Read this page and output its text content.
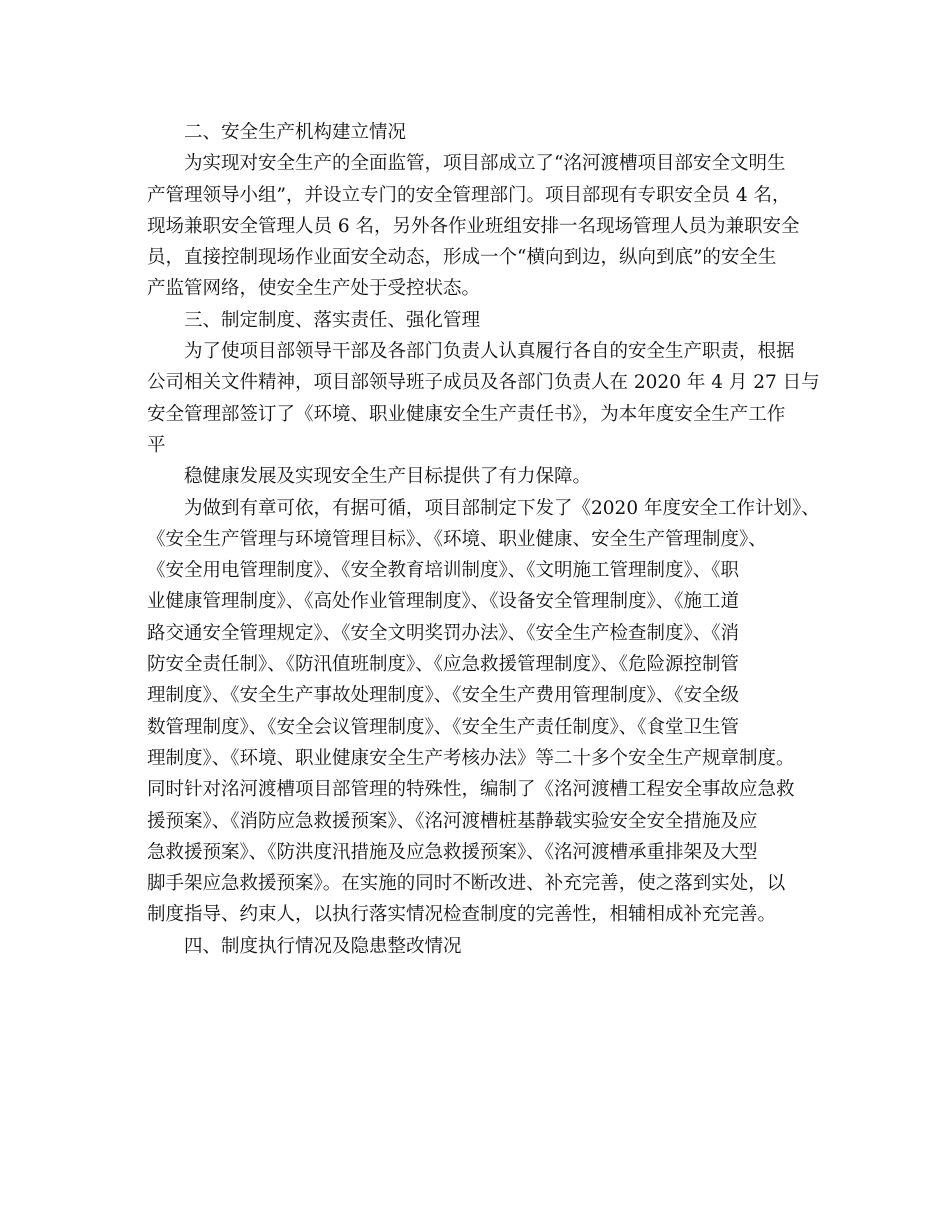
二、安全生产机构建立情况
为实现对安全生产的全面监管，项目部成立了“洺河渡槽项目部安全文明生
产管理领导小组”，并设立专门的安全管理部门。项目部现有专职安全员 4 名，
现场兼职安全管理人员 6 名，另外各作业班组安排一名现场管理人员为兼职安全
员，直接控制现场作业面安全动态，形成一个“横向到边，纵向到底”的安全生
产监管网络，使安全生产处于受控状态。
三、制定制度、落实责任、强化管理
为了使项目部领导干部及各部门负责人认真履行各自的安全生产职责，根据
公司相关文件精神，项目部领导班子成员及各部门负责人在 2020 年 4 月 27 日与
安全管理部签订了《环境、职业健康安全生产责任书》，为本年度安全生产工作
平
稳健康发展及实现安全生产目标提供了有力保障。
为做到有章可依，有据可循，项目部制定下发了《2020 年度安全工作计划》、
《安全生产管理与环境管理目标》、《环境、职业健康、安全生产管理制度》、
《安全用电管理制度》、《安全教育培训制度》、《文明施工管理制度》、《职
业健康管理制度》、《高处作业管理制度》、《设备安全管理制度》、《施工道
路交通安全管理规定》、《安全文明奖罚办法》、《安全生产检查制度》、《消
防安全责任制》、《防汛值班制度》、《应急救援管理制度》、《危险源控制管
理制度》、《安全生产事故处理制度》、《安全生产费用管理制度》、《安全级
数管理制度》、《安全会议管理制度》、《安全生产责任制度》、《食堂卫生管
理制度》、《环境、职业健康安全生产考核办法》等二十多个安全生产规章制度。
同时针对洺河渡槽项目部管理的特殊性，编制了《洺河渡槽工程安全事故应急救
援预案》、《消防应急救援预案》、《洺河渡槽桩基静载实验安全安全措施及应
急救援预案》、《防洪度汛措施及应急救援预案》、《洺河渡槽承重排架及大型
脚手架应急救援预案》。在实施的同时不断改进、补充完善，使之落到实处，以
制度指导、约束人，以执行落实情况检查制度的完善性，相辅相成补充完善。
四、制度执行情况及隐患整改情况
